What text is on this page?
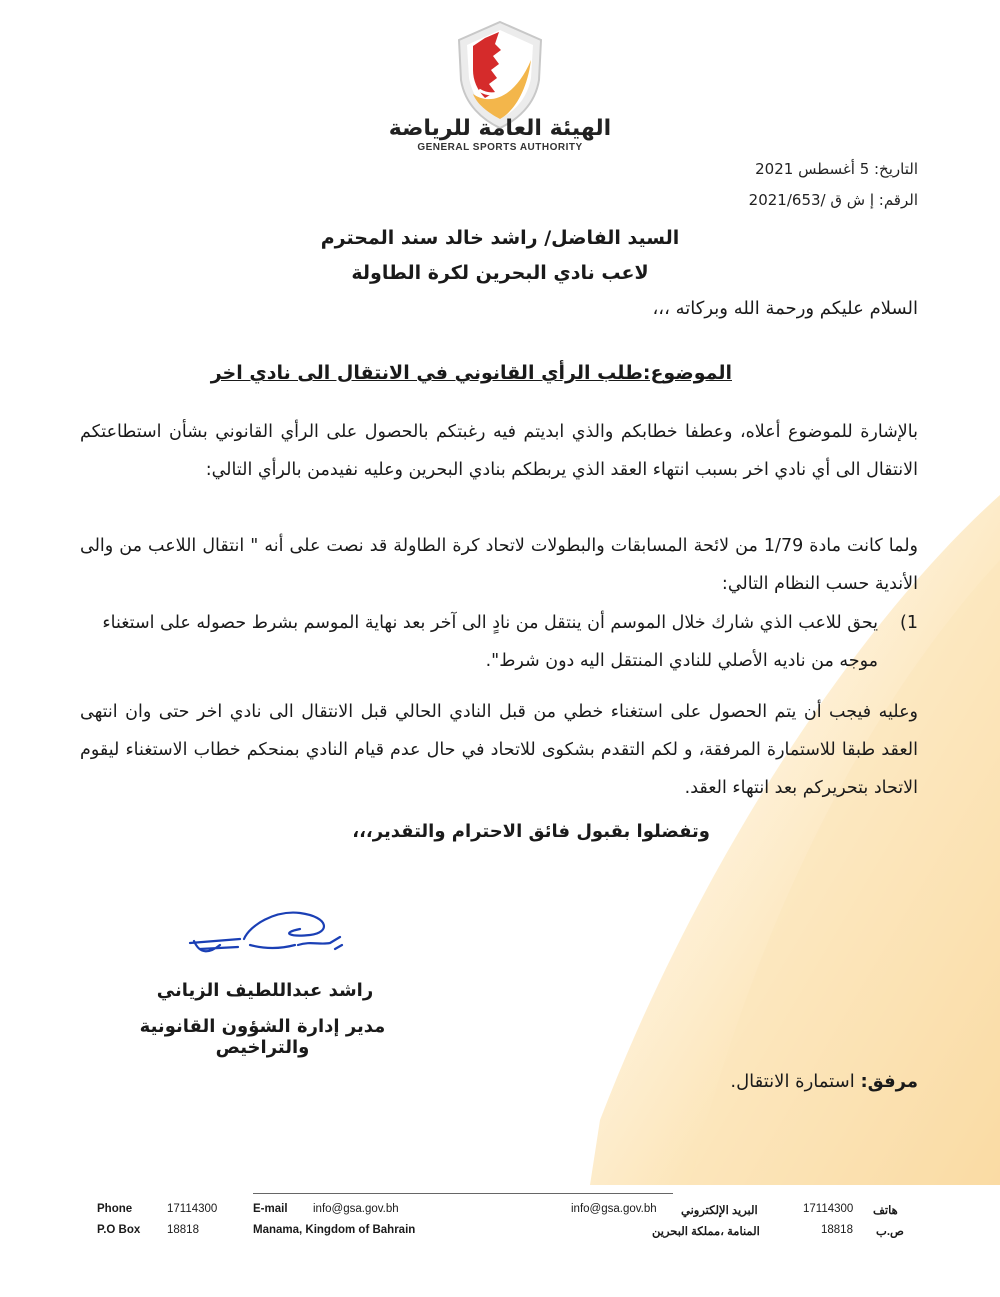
الهيئة العامة للرياضة
GENERAL SPORTS AUTHORITY
التاريخ: 5 أغسطس 2021
الرقم: إ ش ق /2021/653
السيد الفاضل/ راشد خالد سند المحترم
لاعب نادي البحرين لكرة الطاولة
السلام عليكم ورحمة الله وبركاته ،،،
الموضوع:طلب الرأي القانوني في الانتقال الى نادي اخر
بالإشارة للموضوع أعلاه، وعطفا خطابكم والذي ابديتم فيه رغبتكم بالحصول على الرأي القانوني بشأن استطاعتكم الانتقال الى أي نادي اخر بسبب انتهاء العقد الذي يربطكم بنادي البحرين وعليه نفيدمن بالرأي التالي:
ولما كانت مادة 1/79 من لائحة المسابقات والبطولات لاتحاد كرة الطاولة قد نصت على أنه " انتقال اللاعب من والى الأندية حسب النظام التالي:
1)
يحق للاعب الذي شارك خلال الموسم أن ينتقل من نادٍ الى آخر بعد نهاية الموسم بشرط حصوله على استغناء موجه من ناديه الأصلي للنادي المنتقل اليه دون شرط".
وعليه فيجب أن يتم الحصول على استغناء خطي من قبل النادي الحالي قبل الانتقال الى نادي اخر حتى وان انتهى العقد طبقا للاستمارة المرفقة، و لكم التقدم بشكوى للاتحاد في حال عدم قيام النادي بمنحكم خطاب الاستغناء ليقوم الاتحاد بتحريركم بعد انتهاء العقد.
وتفضلوا بقبول فائق الاحترام والتقدير،،،
راشد عبداللطيف الزياني
مدير إدارة الشؤون القانونية والتراخيص
مرفق: استمارة الانتقال.
Phone	17114300	E-mail info@gsa.gov.bh
P.O Box 18818	Manama, Kingdom of Bahrain
info@gsa.gov.bh البريد الإلكتروني	17114300 هاتف
المنامة ،مملكة البحرين	18818 ص.ب
